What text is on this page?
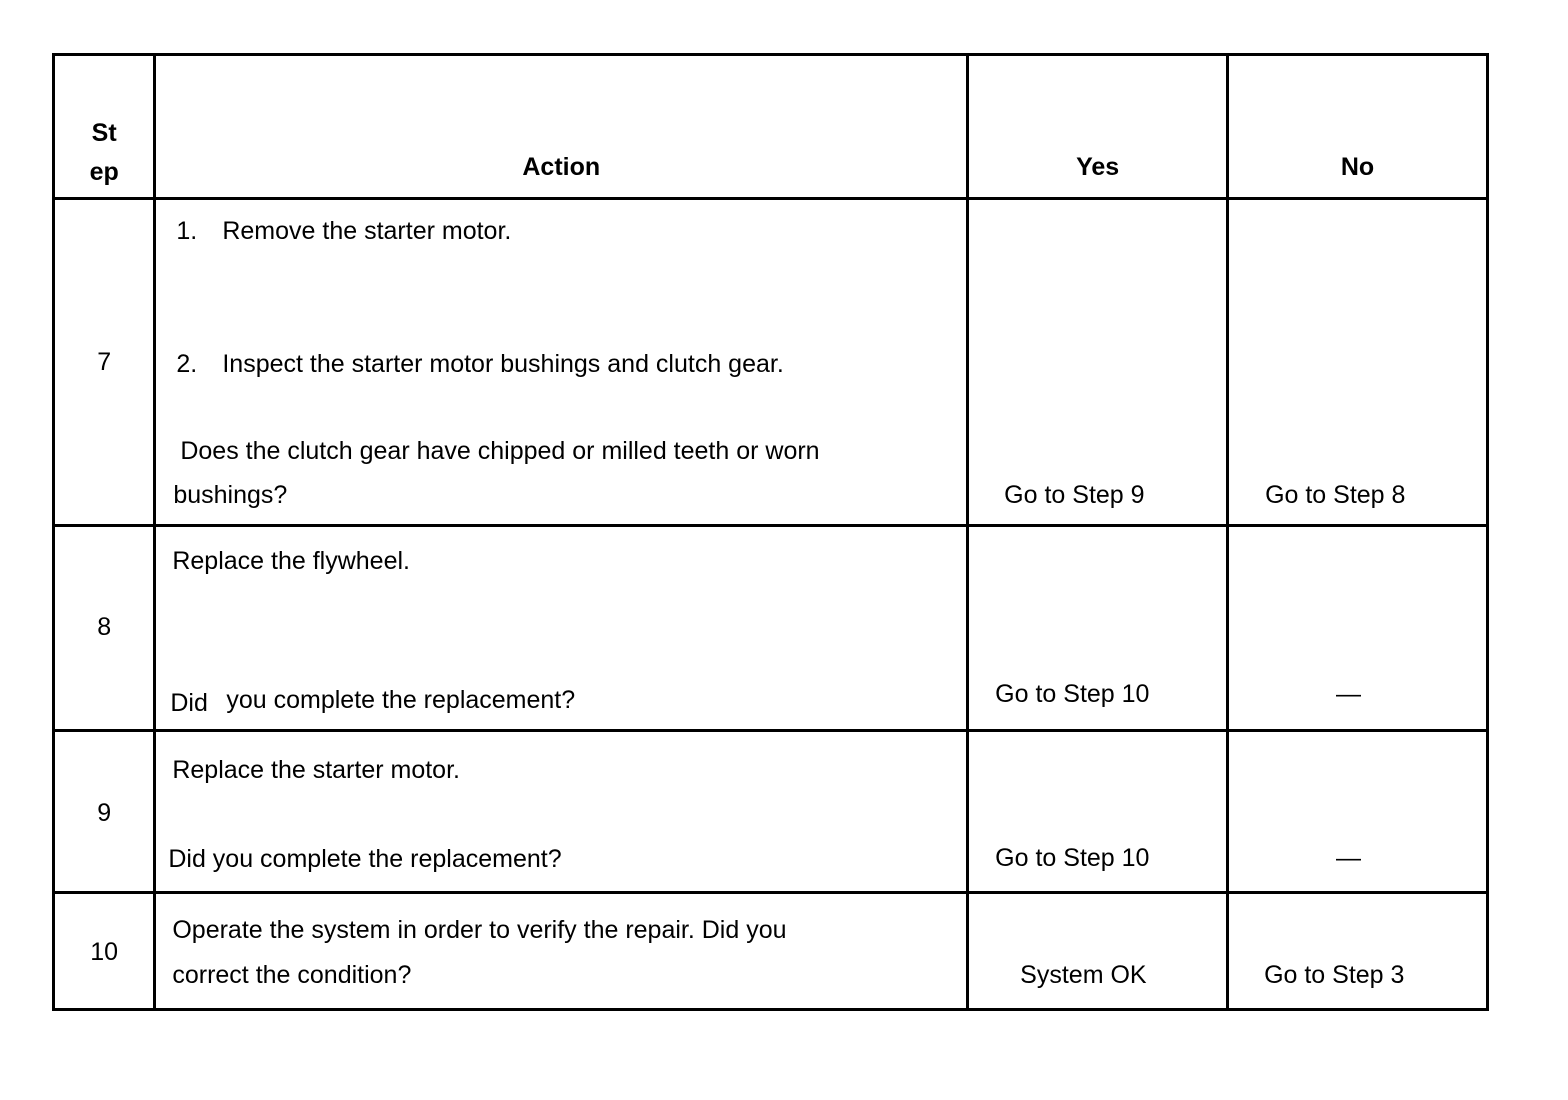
St
ep	Action	Yes	No

7	1. Remove the starter motor.
2. Inspect the starter motor bushings and clutch gear.
Does the clutch gear have chipped or milled teeth or worn
bushings?	Go to Step 9	Go to Step 8

8	Replace the flywheel.
Did you complete the replacement?	Go to Step 10	—

9	Replace the starter motor.
Did you complete the replacement?	Go to Step 10	—

10	Operate the system in order to verify the repair. Did you
correct the condition?	System OK	Go to Step 3
